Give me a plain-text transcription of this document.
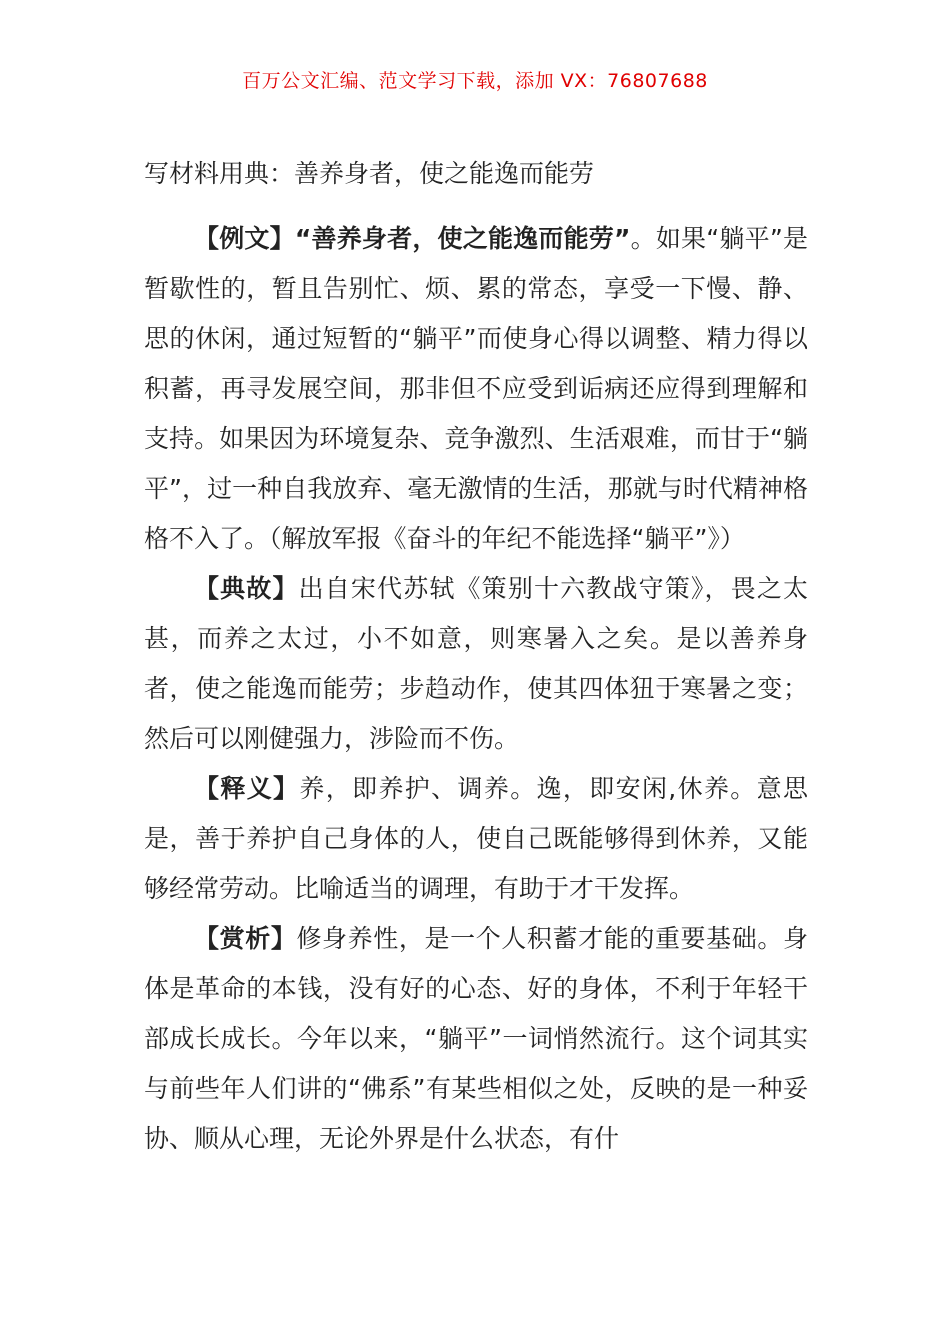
百万公文汇编、范文学习下载，添加 VX：76807688
写材料用典：善养身者，使之能逸而能劳

【例文】“善养身者，使之能逸而能劳”。如果“躺平”是暂歇性的，暂且告别忙、烦、累的常态，享受一下慢、静、思的休闲，通过短暂的“躺平”而使身心得以调整、精力得以积蓄，再寻发展空间，那非但不应受到诟病还应得到理解和支持。如果因为环境复杂、竞争激烈、生活艰难，而甘于“躺平”，过一种自我放弃、毫无激情的生活，那就与时代精神格格不入了。（解放军报《奋斗的年纪不能选择“躺平”》）

【典故】出自宋代苏轼《策别十六教战守策》，畏之太甚，而养之太过，小不如意，则寒暑入之矣。是以善养身者，使之能逸而能劳；步趋动作，使其四体狃于寒暑之变；然后可以刚健强力，涉险而不伤。

【释义】养，即养护、调养。逸，即安闲,休养。意思是，善于养护自己身体的人，使自己既能够得到休养，又能够经常劳动。比喻适当的调理，有助于才干发挥。

【赏析】修身养性，是一个人积蓄才能的重要基础。身体是革命的本钱，没有好的心态、好的身体，不利于年轻干部成长成长。今年以来，“躺平”一词悄然流行。这个词其实与前些年人们讲的“佛系”有某些相似之处，反映的是一种妥协、顺从心理，无论外界是什么状态，有什
